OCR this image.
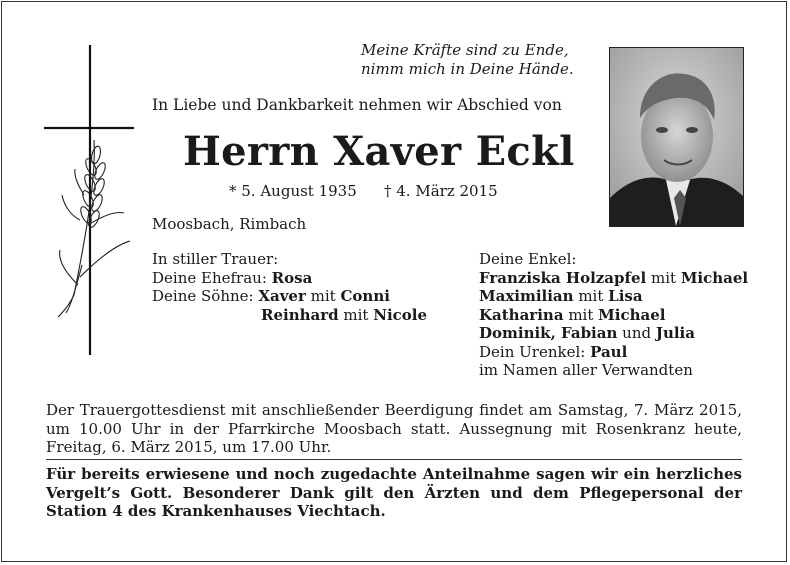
Meine Kräfte sind zu Ende,
nimm mich in Deine Hände.
In Liebe und Dankbarkeit nehmen wir Abschied von
Herrn Xaver Eckl
* 5. August 1935 † 4. März 2015
Moosbach, Rimbach
In stiller Trauer:
Deine Ehefrau: Rosa
Deine Söhne: Xaver mit Conni
Reinhard mit Nicole
Deine Enkel:
Franziska Holzapfel mit Michael
Maximilian mit Lisa
Katharina mit Michael
Dominik, Fabian und Julia
Dein Urenkel: Paul
im Namen aller Verwandten
Der Trauergottesdienst mit anschließender Beerdigung findet am Samstag, 7. März 2015, um 10.00 Uhr in der Pfarrkirche Moosbach statt. Aussegnung mit Rosenkranz heute, Freitag, 6. März 2015, um 17.00 Uhr.
Für bereits erwiesene und noch zugedachte Anteilnahme sagen wir ein herzliches Vergelt’s Gott. Besonderer Dank gilt den Ärzten und dem Pflegepersonal der Station 4 des Krankenhauses Viechtach.
